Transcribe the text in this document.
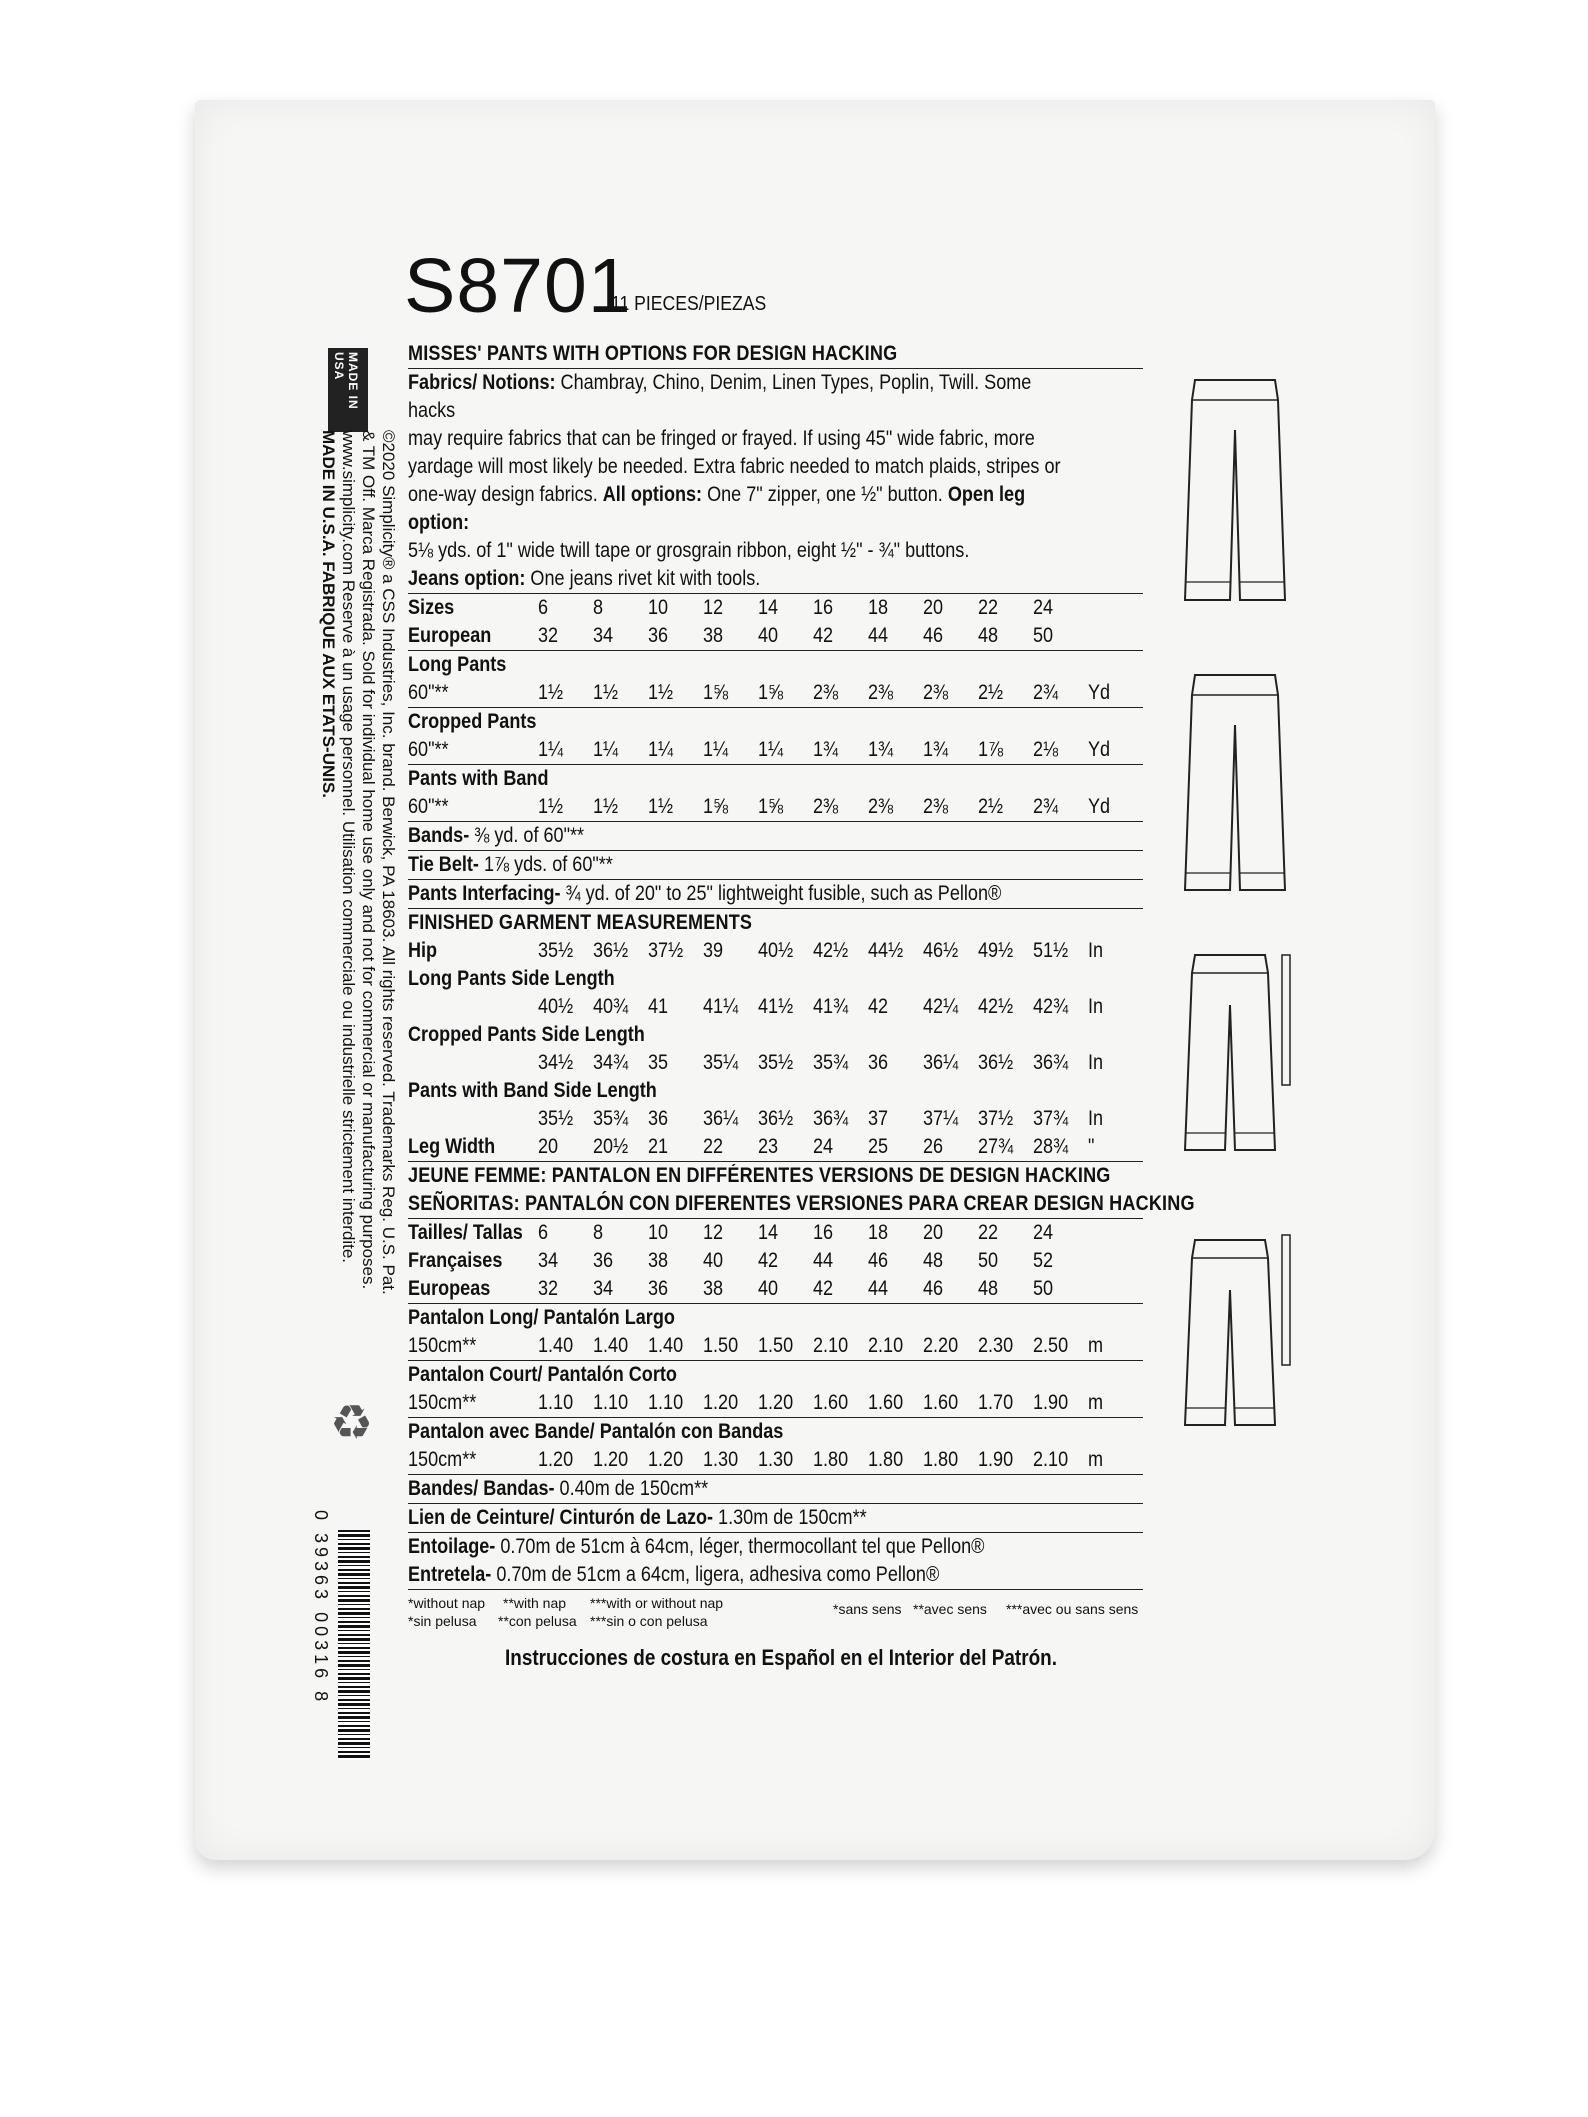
S8701
11 PIECES/PIEZAS
MISSES' PANTS WITH OPTIONS FOR DESIGN HACKING
Fabrics/ Notions: Chambray, Chino, Denim, Linen Types, Poplin, Twill. Some hacks
may require fabrics that can be fringed or frayed. If using 45" wide fabric, more
yardage will most likely be needed. Extra fabric needed to match plaids, stripes or
one-way design fabrics. All options: One 7" zipper, one ½" button. Open leg option:
5⅛ yds. of 1" wide twill tape or grosgrain ribbon, eight ½" - ¾" buttons.
Jeans option: One jeans rivet kit with tools.
Sizes	6	8	10	12	14	16	18	20	22	24	
European	32	34	36	38	40	42	44	46	48	50	
Long Pants
60"**	1½	1½	1½	1⅝	1⅝	2⅜	2⅜	2⅜	2½	2¾	Yd
Cropped Pants
60"**	1¼	1¼	1¼	1¼	1¼	1¾	1¾	1¾	1⅞	2⅛	Yd
Pants with Band
60"**	1½	1½	1½	1⅝	1⅝	2⅜	2⅜	2⅜	2½	2¾	Yd
Bands- ⅜ yd. of 60"**
Tie Belt- 1⅞ yds. of 60"**
Pants Interfacing- ¾ yd. of 20" to 25" lightweight fusible, such as Pellon®
FINISHED GARMENT MEASUREMENTS
Hip	35½	36½	37½	39	40½	42½	44½	46½	49½	51½	In
Long Pants Side Length
	40½	40¾	41	41¼	41½	41¾	42	42¼	42½	42¾	In
Cropped Pants Side Length
	34½	34¾	35	35¼	35½	35¾	36	36¼	36½	36¾	In
Pants with Band Side Length
	35½	35¾	36	36¼	36½	36¾	37	37¼	37½	37¾	In
Leg Width	20	20½	21	22	23	24	25	26	27¾	28¾	"
JEUNE FEMME: PANTALON EN DIFFÉRENTES VERSIONS DE DESIGN HACKING
SEÑORITAS: PANTALÓN CON DIFERENTES VERSIONES PARA CREAR DESIGN HACKING
Tailles/ Tallas	6	8	10	12	14	16	18	20	22	24	
Françaises	34	36	38	40	42	44	46	48	50	52	
Europeas	32	34	36	38	40	42	44	46	48	50	
Pantalon Long/ Pantalón Largo
150cm**	1.40	1.40	1.40	1.50	1.50	2.10	2.10	2.20	2.30	2.50	m
Pantalon Court/ Pantalón Corto
150cm**	1.10	1.10	1.10	1.20	1.20	1.60	1.60	1.60	1.70	1.90	m
Pantalon avec Bande/ Pantalón con Bandas
150cm**	1.20	1.20	1.20	1.30	1.30	1.80	1.80	1.80	1.90	2.10	m
Bandes/ Bandas- 0.40m de 150cm**
Lien de Ceinture/ Cinturón de Lazo- 1.30m de 150cm**
Entoilage- 0.70m de 51cm à 64cm, léger, thermocollant tel que Pellon®
Entretela- 0.70m de 51cm a 64cm, ligera, adhesiva como Pellon®
*without nap **with nap ***with or without nap
*sin pelusa **con pelusa ***sin o con pelusa
*sans sens **avec sens ***avec ou sans sens
Instrucciones de costura en Español en el Interior del Patrón.
MADE IN USA
©2020 Simplicity® a CSS Industries, Inc. brand. Berwick, PA 18603. All rights reserved. Trademarks Reg. U.S. Pat.
& TM Off. Marca Registrada. Sold for individual home use only and not for commercial or manufacturing purposes.
www.simplicity.com Reserve à un usage personnel. Utilisation commerciale ou industrielle strictement interdite.
MADE IN U.S.A. FABRIQUE AUX ETATS-UNIS.
♻
0 39363 00316 8
